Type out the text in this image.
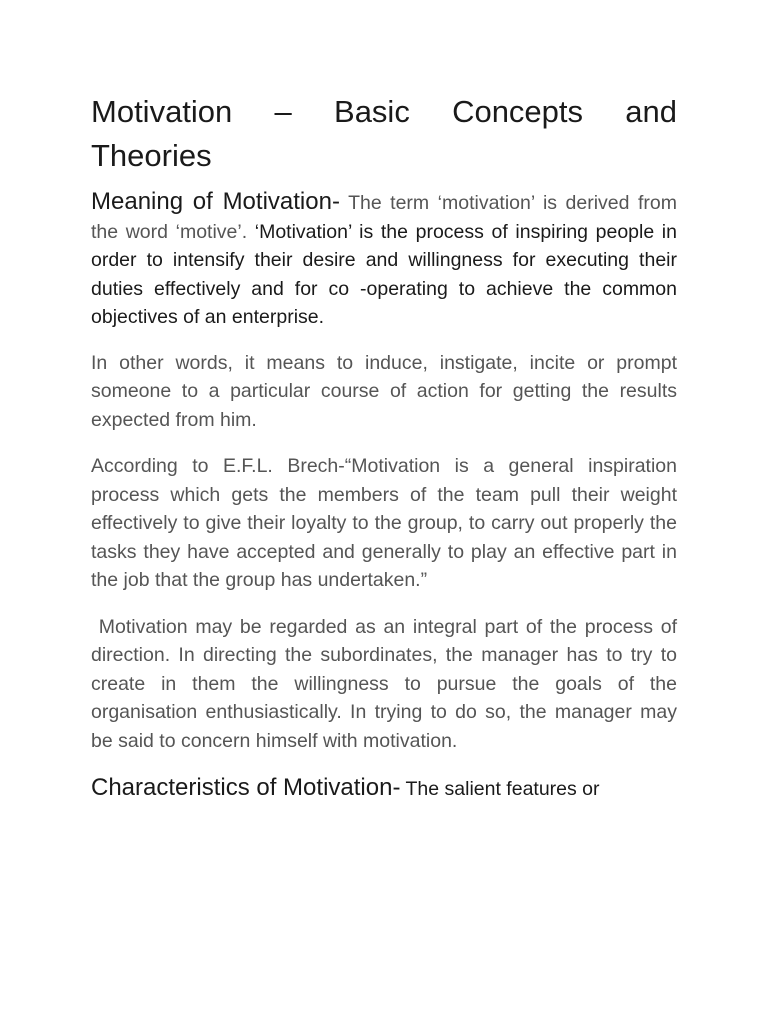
Motivation – Basic Concepts and
Theories

Meaning of Motivation- The term ‘motivation’ is derived from the word ‘motive’. ‘Motivation’ is the process of inspiring people in order to intensify their desire and willingness for executing their duties effectively and for co -operating to achieve the common objectives of an enterprise.

In other words, it means to induce, instigate, incite or prompt someone to a particular course of action for getting the results expected from him.

According to E.F.L. Brech-“Motivation is a general inspiration process which gets the members of the team pull their weight effectively to give their loyalty to the group, to carry out properly the tasks they have accepted and generally to play an effective part in the job that the group has undertaken.”

Motivation may be regarded as an integral part of the process of direction. In directing the subordinates, the manager has to try to create in them the willingness to pursue the goals of the organisation enthusiastically. In trying to do so, the manager may be said to concern himself with motivation.

Characteristics of Motivation- The salient features or
